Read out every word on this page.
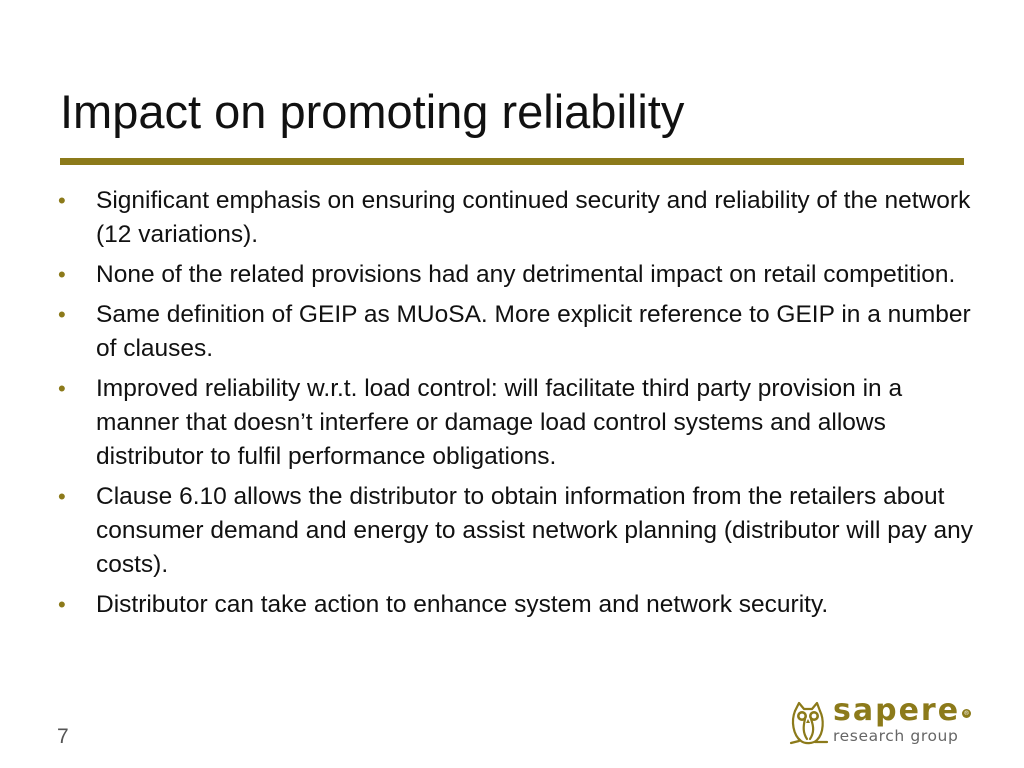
Impact on promoting reliability
•	Significant emphasis on ensuring continued security and reliability of the network (12 variations).
•	None of the related provisions had any detrimental impact on retail competition.
•	Same definition of GEIP as MUoSA. More explicit reference to GEIP in a number of clauses.
•	Improved reliability w.r.t. load control: will facilitate third party provision in a manner that doesn’t interfere or damage load control systems and allows distributor to fulfil performance obligations.
•	Clause 6.10 allows the distributor to obtain information from the retailers about consumer demand and energy to assist network planning (distributor will pay any costs).
•	Distributor can take action to enhance system and network security.
7
sapere ®
research group
